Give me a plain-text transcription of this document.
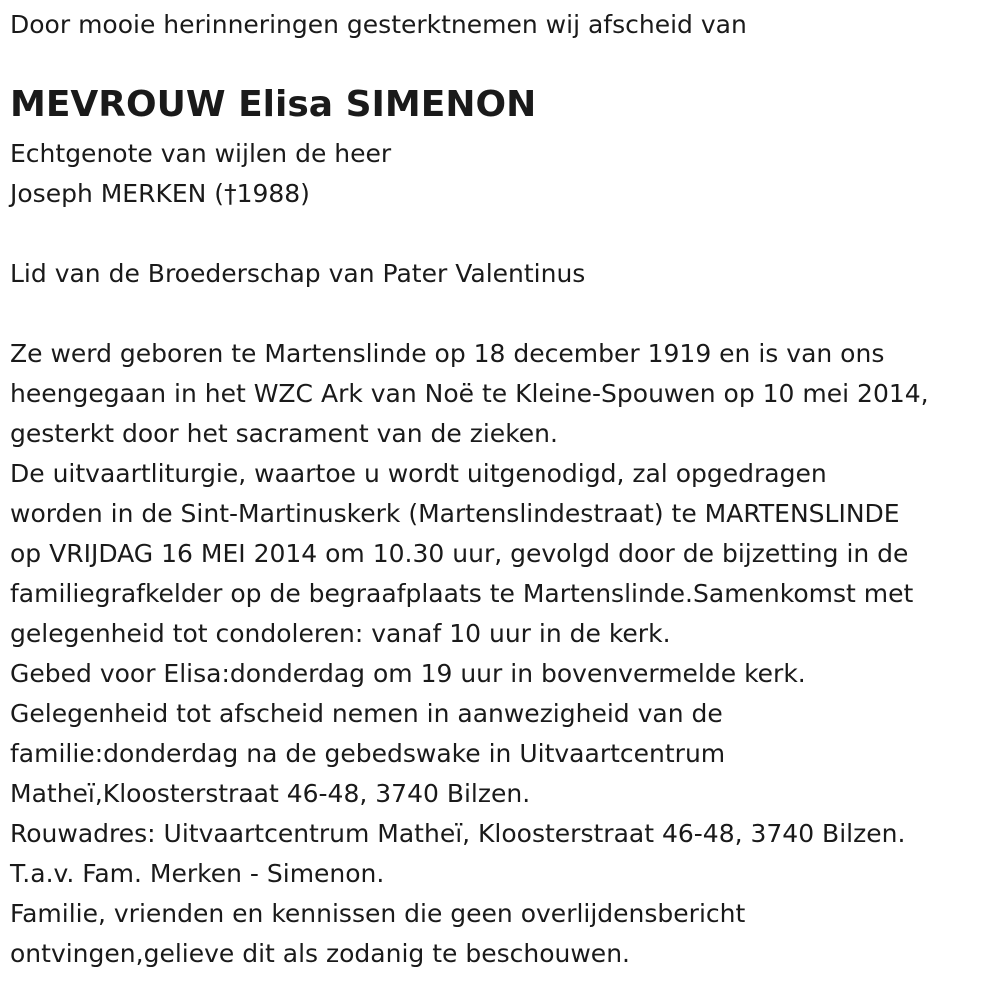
Door mooie herinneringen gesterktnemen wij afscheid van
MEVROUW Elisa SIMENON
Echtgenote van wijlen de heer
Joseph MERKEN (†1988)
Lid van de Broederschap van Pater Valentinus
Ze werd geboren te Martenslinde op 18 december 1919 en is van ons
heengegaan in het WZC Ark van Noë te Kleine-Spouwen op 10 mei 2014,
gesterkt door het sacrament van de zieken.
De uitvaartliturgie, waartoe u wordt uitgenodigd, zal opgedragen
worden in de Sint-Martinuskerk (Martenslindestraat) te MARTENSLINDE
op VRIJDAG 16 MEI 2014 om 10.30 uur, gevolgd door de bijzetting in de
familiegrafkelder op de begraafplaats te Martenslinde.Samenkomst met
gelegenheid tot condoleren: vanaf 10 uur in de kerk.
Gebed voor Elisa:donderdag om 19 uur in bovenvermelde kerk.
Gelegenheid tot afscheid nemen in aanwezigheid van de
familie:donderdag na de gebedswake in Uitvaartcentrum
Matheï,Kloosterstraat 46-48, 3740 Bilzen.
Rouwadres: Uitvaartcentrum Matheï, Kloosterstraat 46-48, 3740 Bilzen.
T.a.v. Fam. Merken - Simenon.
Familie, vrienden en kennissen die geen overlijdensbericht
ontvingen,gelieve dit als zodanig te beschouwen.
